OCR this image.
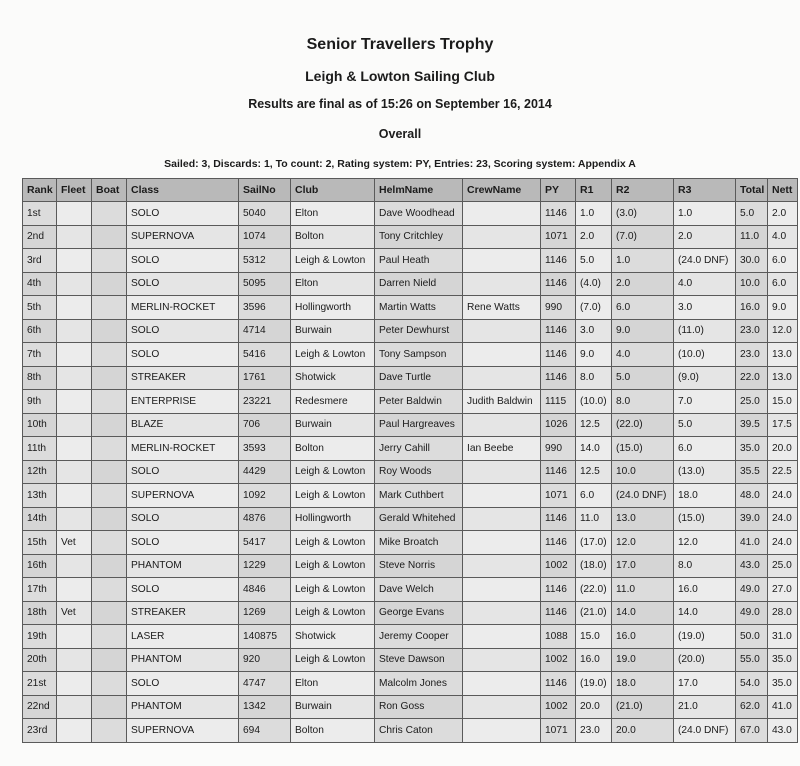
Senior Travellers Trophy
Leigh & Lowton Sailing Club
Results are final as of 15:26 on September 16, 2014
Overall
Sailed: 3, Discards: 1, To count: 2, Rating system: PY, Entries: 23, Scoring system: Appendix A
Rank	Fleet	Boat	Class	SailNo	Club	HelmName	CrewName	PY	R1	R2	R3	Total	Nett
1st			SOLO	5040	Elton	Dave Woodhead		1146	1.0	(3.0)	1.0	5.0	2.0
2nd			SUPERNOVA	1074	Bolton	Tony Critchley		1071	2.0	(7.0)	2.0	11.0	4.0
3rd			SOLO	5312	Leigh & Lowton	Paul Heath		1146	5.0	1.0	(24.0 DNF)	30.0	6.0
4th			SOLO	5095	Elton	Darren Nield		1146	(4.0)	2.0	4.0	10.0	6.0
5th			MERLIN-ROCKET	3596	Hollingworth	Martin Watts	Rene Watts	990	(7.0)	6.0	3.0	16.0	9.0
6th			SOLO	4714	Burwain	Peter Dewhurst		1146	3.0	9.0	(11.0)	23.0	12.0
7th			SOLO	5416	Leigh & Lowton	Tony Sampson		1146	9.0	4.0	(10.0)	23.0	13.0
8th			STREAKER	1761	Shotwick	Dave Turtle		1146	8.0	5.0	(9.0)	22.0	13.0
9th			ENTERPRISE	23221	Redesmere	Peter Baldwin	Judith Baldwin	1115	(10.0)	8.0	7.0	25.0	15.0
10th			BLAZE	706	Burwain	Paul Hargreaves		1026	12.5	(22.0)	5.0	39.5	17.5
11th			MERLIN-ROCKET	3593	Bolton	Jerry Cahill	Ian Beebe	990	14.0	(15.0)	6.0	35.0	20.0
12th			SOLO	4429	Leigh & Lowton	Roy Woods		1146	12.5	10.0	(13.0)	35.5	22.5
13th			SUPERNOVA	1092	Leigh & Lowton	Mark Cuthbert		1071	6.0	(24.0 DNF)	18.0	48.0	24.0
14th			SOLO	4876	Hollingworth	Gerald Whitehed		1146	11.0	13.0	(15.0)	39.0	24.0
15th	Vet		SOLO	5417	Leigh & Lowton	Mike Broatch		1146	(17.0)	12.0	12.0	41.0	24.0
16th			PHANTOM	1229	Leigh & Lowton	Steve Norris		1002	(18.0)	17.0	8.0	43.0	25.0
17th			SOLO	4846	Leigh & Lowton	Dave Welch		1146	(22.0)	11.0	16.0	49.0	27.0
18th	Vet		STREAKER	1269	Leigh & Lowton	George Evans		1146	(21.0)	14.0	14.0	49.0	28.0
19th			LASER	140875	Shotwick	Jeremy Cooper		1088	15.0	16.0	(19.0)	50.0	31.0
20th			PHANTOM	920	Leigh & Lowton	Steve Dawson		1002	16.0	19.0	(20.0)	55.0	35.0
21st			SOLO	4747	Elton	Malcolm Jones		1146	(19.0)	18.0	17.0	54.0	35.0
22nd			PHANTOM	1342	Burwain	Ron Goss		1002	20.0	(21.0)	21.0	62.0	41.0
23rd			SUPERNOVA	694	Bolton	Chris Caton		1071	23.0	20.0	(24.0 DNF)	67.0	43.0
